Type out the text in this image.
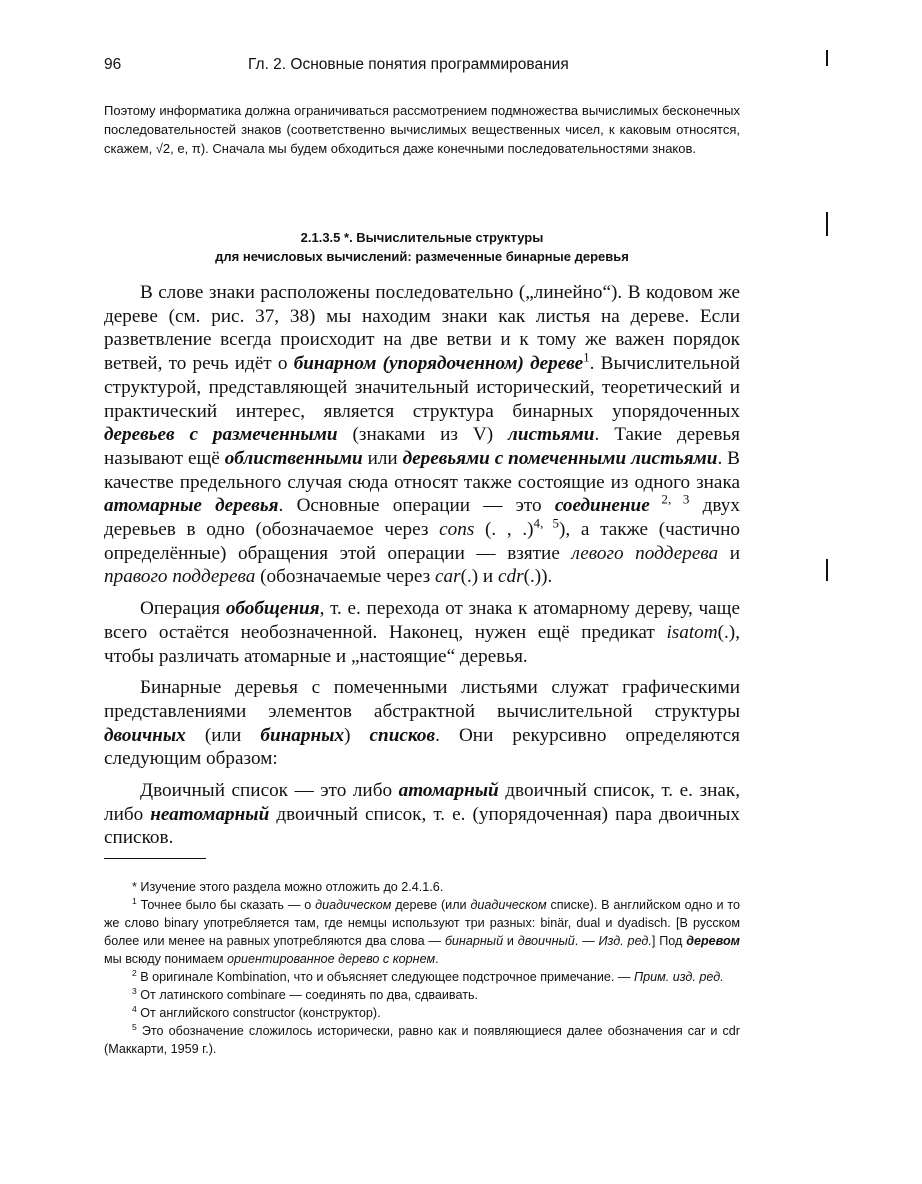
96	Гл. 2. Основные понятия программирования

Поэтому информатика должна ограничиваться рассмотрением подмножества вычислимых бесконечных последовательностей знаков (соответственно вычислимых вещественных чисел, к каковым относятся, скажем, √2, e, π). Сначала мы будем обходиться даже конечными последовательностями знаков.

2.1.3.5 *. Вычислительные структуры
для нечисловых вычислений: размеченные бинарные деревья

В слове знаки расположены последовательно („линейно“). В кодовом же дереве (см. рис. 37, 38) мы находим знаки как листья на дереве. Если разветвление всегда происходит на две ветви и к тому же важен порядок ветвей, то речь идёт о бинарном (упорядоченном) дереве$^1$. Вычислительной структурой, представляющей значительный исторический, теоретический и практический интерес, является структура бинарных упорядоченных деревьев с размеченными (знаками из V) листьями. Такие деревья называют ещё облиственными или деревьями с помеченными листьями. В качестве предельного случая сюда относят также состоящие из одного знака атомарные деревья. Основные операции — это соединение $^{2, 3}$ двух деревьев в одно (обозначаемое через cons (. , .)$^{4, 5}$), а также (частично определённые) обращения этой операции — взятие левого поддерева и правого поддерева (обозначаемые через car(.) и cdr(.)).

Операция обобщения, т. е. перехода от знака к атомарному дереву, чаще всего остаётся необозначенной. Наконец, нужен ещё предикат isatom(.), чтобы различать атомарные и „настоящие“ деревья.

Бинарные деревья с помеченными листьями служат графическими представлениями элементов абстрактной вычислительной структуры двоичных (или бинарных) списков. Они рекурсивно определяются следующим образом:

Двоичный список — это либо атомарный двоичный список, т. е. знак, либо неатомарный двоичный список, т. е. (упорядоченная) пара двоичных списков.

* Изучение этого раздела можно отложить до 2.4.1.6.

$^1$ Точнее было бы сказать — о диадическом дереве (или диадическом списке). В английском одно и то же слово binary употребляется там, где немцы используют три разных: binär, dual и dyadisch. [В русском более или менее на равных употребляются два слова — бинарный и двоичный. — Изд. ред.] Под деревом мы всюду понимаем ориентированное дерево с корнем.

$^2$ В оригинале Kombination, что и объясняет следующее подстрочное примечание. — Прим. изд. ред.

$^3$ От латинского combinare — соединять по два, сдваивать.

$^4$ От английского constructor (конструктор).

$^5$ Это обозначение сложилось исторически, равно как и появляющиеся далее обозначения car и cdr (Маккарти, 1959 г.).
